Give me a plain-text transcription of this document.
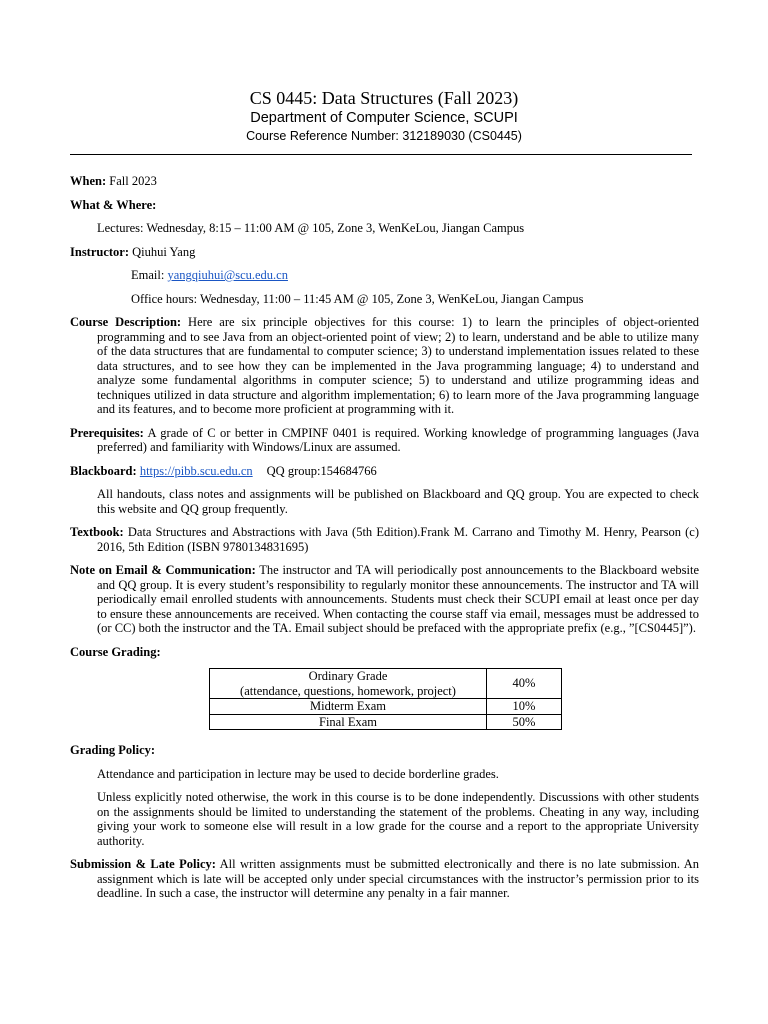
CS 0445: Data Structures (Fall 2023)
Department of Computer Science, SCUPI
Course Reference Number: 312189030 (CS0445)

When: Fall 2023

What & Where:

Lectures: Wednesday, 8:15 – 11:00 AM @ 105, Zone 3, WenKeLou, Jiangan Campus

Instructor: Qiuhui Yang

Email: yangqiuhui@scu.edu.cn

Office hours: Wednesday, 11:00 – 11:45 AM @ 105, Zone 3, WenKeLou, Jiangan Campus

Course Description: Here are six principle objectives for this course: 1) to learn the principles of object-oriented programming and to see Java from an object-oriented point of view; 2) to learn, understand and be able to utilize many of the data structures that are fundamental to computer science; 3) to understand implementation issues related to these data structures, and to see how they can be implemented in the Java programming language; 4) to understand and analyze some fundamental algorithms in computer science; 5) to understand and utilize programming ideas and techniques utilized in data structure and algorithm implementation; 6) to learn more of the Java programming language and its features, and to become more proficient at programming with it.

Prerequisites: A grade of C or better in CMPINF 0401 is required. Working knowledge of programming languages (Java preferred) and familiarity with Windows/Linux are assumed.

Blackboard: https://pibb.scu.edu.cn QQ group:154684766

All handouts, class notes and assignments will be published on Blackboard and QQ group. You are expected to check this website and QQ group frequently.

Textbook: Data Structures and Abstractions with Java (5th Edition).Frank M. Carrano and Timothy M. Henry, Pearson (c) 2016, 5th Edition (ISBN 9780134831695)

Note on Email & Communication: The instructor and TA will periodically post announcements to the Blackboard website and QQ group. It is every student’s responsibility to regularly monitor these announcements. The instructor and TA will periodically email enrolled students with announcements. Students must check their SCUPI email at least once per day to ensure these announcements are received. When contacting the course staff via email, messages must be addressed to (or CC) both the instructor and the TA. Email subject should be prefaced with the appropriate prefix (e.g., ”[CS0445]”).

Course Grading:

Ordinary Grade
(attendance, questions, homework, project)	40%
Midterm Exam	10%
Final Exam	50%

Grading Policy:

Attendance and participation in lecture may be used to decide borderline grades.

Unless explicitly noted otherwise, the work in this course is to be done independently. Discussions with other students on the assignments should be limited to understanding the statement of the problems. Cheating in any way, including giving your work to someone else will result in a low grade for the course and a report to the appropriate University authority.

Submission & Late Policy: All written assignments must be submitted electronically and there is no late submission. An assignment which is late will be accepted only under special circumstances with the instructor’s permission prior to its deadline. In such a case, the instructor will determine any penalty in a fair manner.
